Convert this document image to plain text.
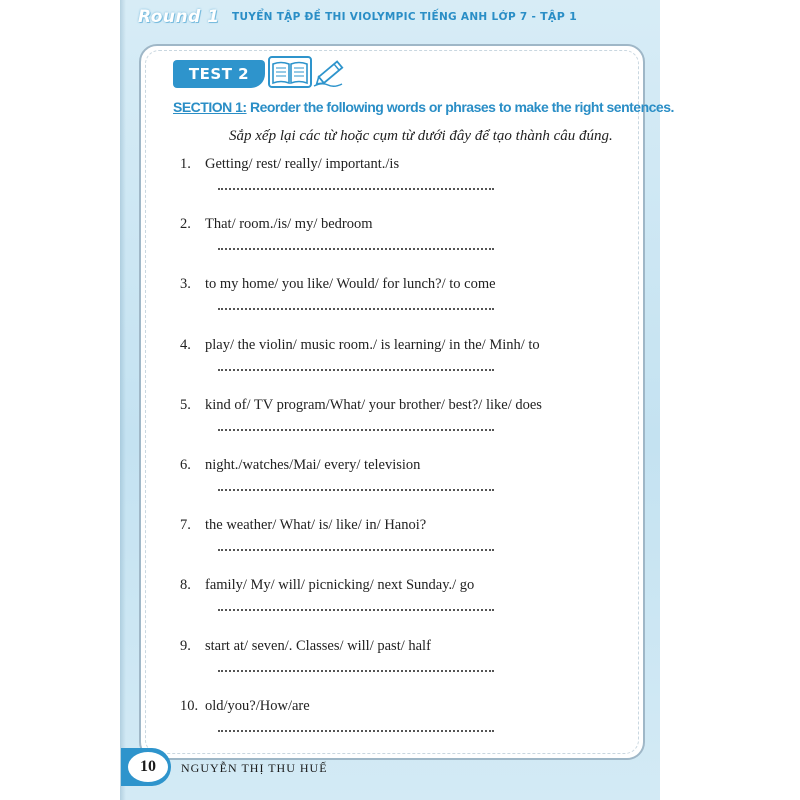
Round 1	TUYỂN TẬP ĐỀ THI VIOLYMPIC TIẾNG ANH LỚP 7 - TẬP 1
TEST 2
SECTION 1: Reorder the following words or phrases to make the right sentences.
Sắp xếp lại các từ hoặc cụm từ dưới đây để tạo thành câu đúng.
1. Getting/ rest/ really/ important./is
2. That/ room./is/ my/ bedroom
3. to my home/ you like/ Would/ for lunch?/ to come
4. play/ the violin/ music room./ is learning/ in the/ Minh/ to
5. kind of/ TV program/What/ your brother/ best?/ like/ does
6. night./watches/Mai/ every/ television
7. the weather/ What/ is/ like/ in/ Hanoi?
8. family/ My/ will/ picnicking/ next Sunday./ go
9. start at/ seven/. Classes/ will/ past/ half
10. old/you?/How/are
10	NGUYỄN THỊ THU HUẾ
